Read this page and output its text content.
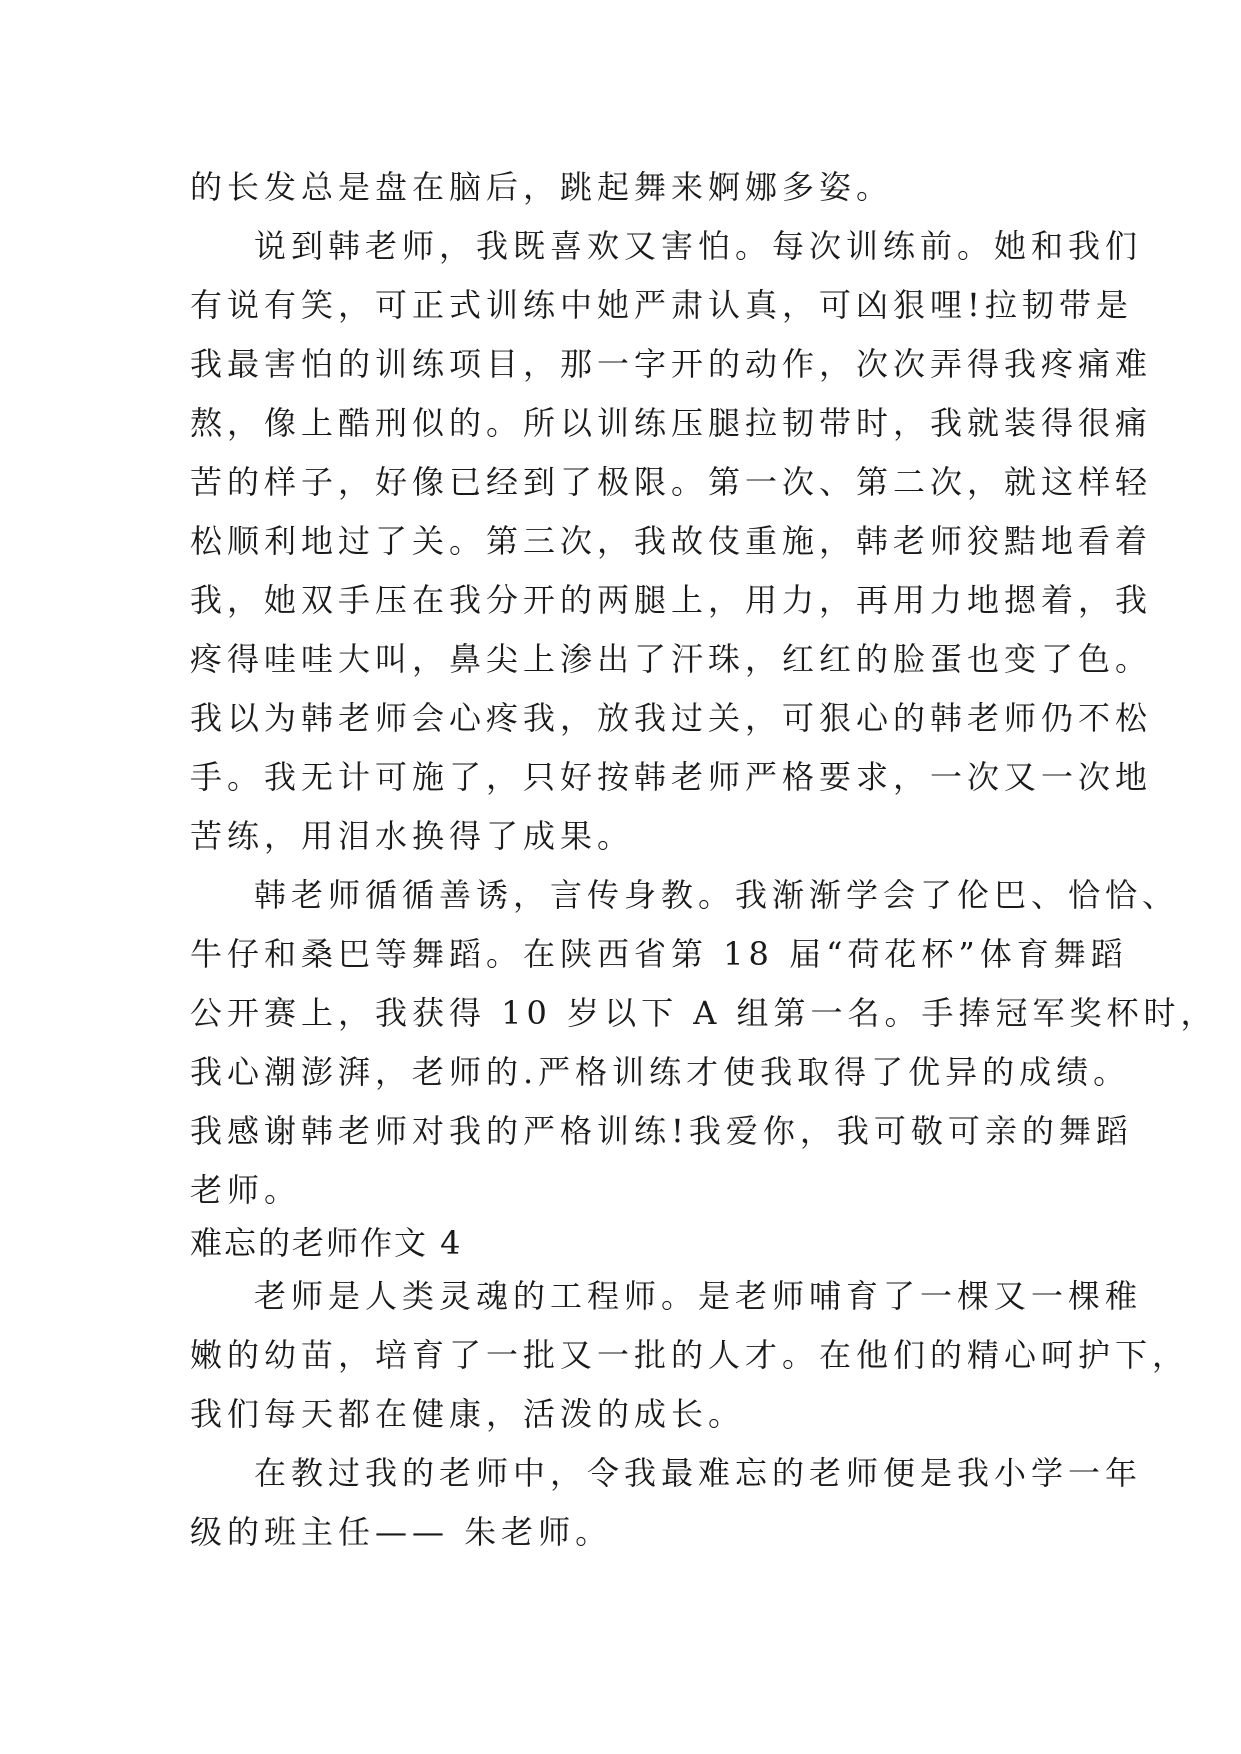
的长发总是盘在脑后，跳起舞来婀娜多姿。

说到韩老师，我既喜欢又害怕。每次训练前。她和我们

有说有笑，可正式训练中她严肃认真，可凶狠哩!拉韧带是

我最害怕的训练项目，那一字开的动作，次次弄得我疼痛难

熬，像上酷刑似的。所以训练压腿拉韧带时，我就装得很痛

苦的样子，好像已经到了极限。第一次、第二次，就这样轻

松顺利地过了关。第三次，我故伎重施，韩老师狡黠地看着

我，她双手压在我分开的两腿上，用力，再用力地摁着，我

疼得哇哇大叫，鼻尖上渗出了汗珠，红红的脸蛋也变了色。

我以为韩老师会心疼我，放我过关，可狠心的韩老师仍不松

手。我无计可施了，只好按韩老师严格要求，一次又一次地

苦练，用泪水换得了成果。

韩老师循循善诱，言传身教。我渐渐学会了伦巴、恰恰、

牛仔和桑巴等舞蹈。在陕西省第 18 届“荷花杯”体育舞蹈

公开赛上，我获得 10 岁以下 A 组第一名。手捧冠军奖杯时，

我心潮澎湃，老师的.严格训练才使我取得了优异的成绩。

我感谢韩老师对我的严格训练!我爱你，我可敬可亲的舞蹈

老师。

难忘的老师作文 4

老师是人类灵魂的工程师。是老师哺育了一棵又一棵稚

嫩的幼苗，培育了一批又一批的人才。在他们的精心呵护下，

我们每天都在健康，活泼的成长。

在教过我的老师中，令我最难忘的老师便是我小学一年

级的班主任—— 朱老师。
